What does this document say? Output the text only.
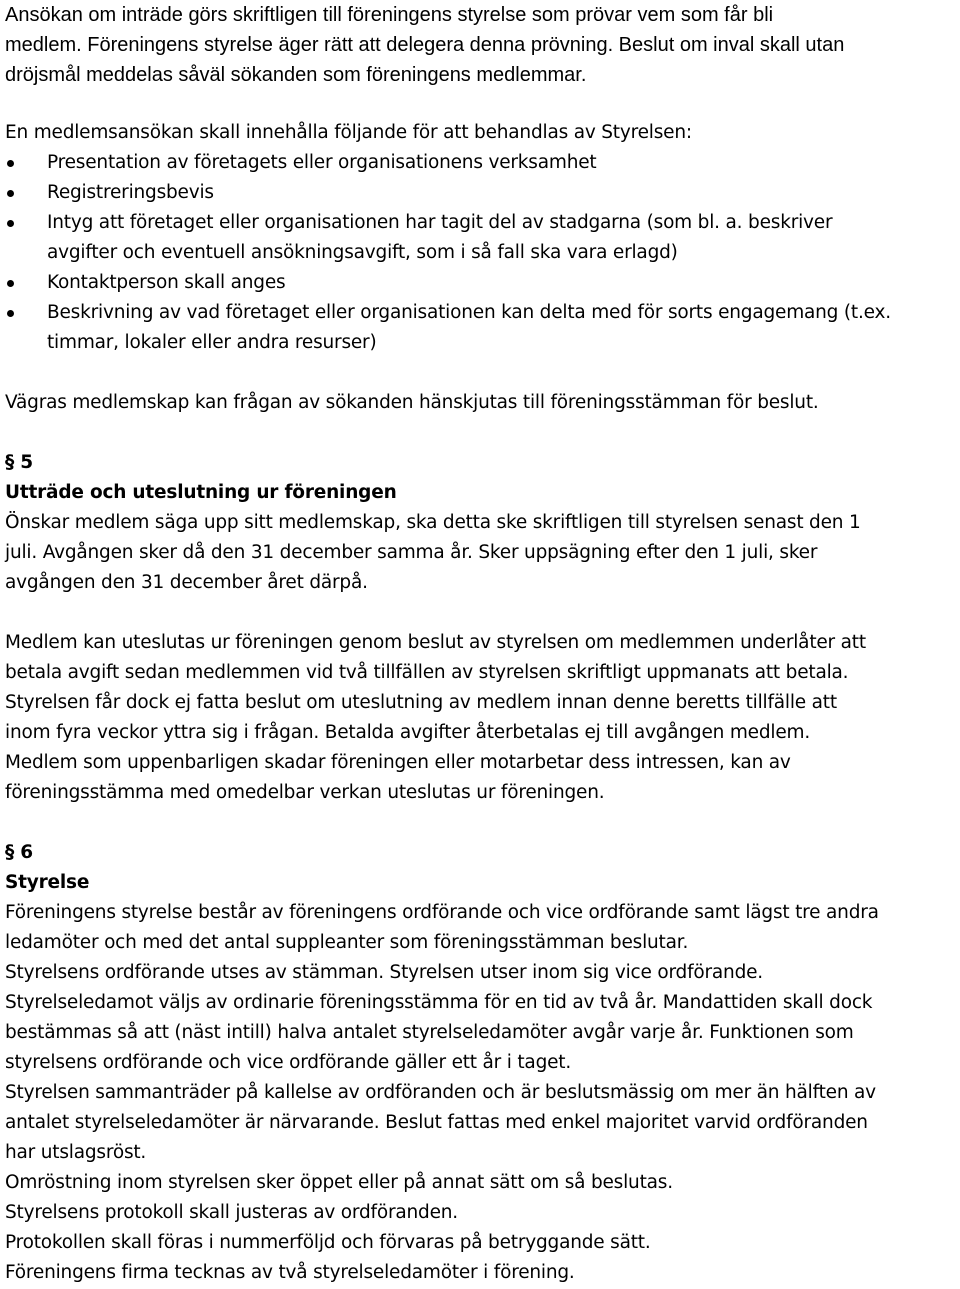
Ansökan om inträde görs skriftligen till föreningens styrelse som prövar vem som får bli
medlem. Föreningens styrelse äger rätt att delegera denna prövning. Beslut om inval skall utan
dröjsmål meddelas såväl sökanden som föreningens medlemmar.

En medlemsansökan skall innehålla följande för att behandlas av Styrelsen:

Presentation av företagets eller organisationens verksamhet
Registreringsbevis
Intyg att företaget eller organisationen har tagit del av stadgarna (som bl. a. beskriver
avgifter och eventuell ansökningsavgift, som i så fall ska vara erlagd)
Kontaktperson skall anges
Beskrivning av vad företaget eller organisationen kan delta med för sorts engagemang (t.ex.
timmar, lokaler eller andra resurser)

Vägras medlemskap kan frågan av sökanden hänskjutas till föreningsstämman för beslut.

§ 5
Utträde och uteslutning ur föreningen

Önskar medlem säga upp sitt medlemskap, ska detta ske skriftligen till styrelsen senast den 1
juli. Avgången sker då den 31 december samma år. Sker uppsägning efter den 1 juli, sker
avgången den 31 december året därpå.

Medlem kan uteslutas ur föreningen genom beslut av styrelsen om medlemmen underlåter att
betala avgift sedan medlemmen vid två tillfällen av styrelsen skriftligt uppmanats att betala.
Styrelsen får dock ej fatta beslut om uteslutning av medlem innan denne beretts tillfälle att
inom fyra veckor yttra sig i frågan. Betalda avgifter återbetalas ej till avgången medlem.
Medlem som uppenbarligen skadar föreningen eller motarbetar dess intressen, kan av
föreningsstämma med omedelbar verkan uteslutas ur föreningen.

§ 6
Styrelse

Föreningens styrelse består av föreningens ordförande och vice ordförande samt lägst tre andra
ledamöter och med det antal suppleanter som föreningsstämman beslutar.
Styrelsens ordförande utses av stämman. Styrelsen utser inom sig vice ordförande.
Styrelseledamot väljs av ordinarie föreningsstämma för en tid av två år. Mandattiden skall dock
bestämmas så att (näst intill) halva antalet styrelseledamöter avgår varje år. Funktionen som
styrelsens ordförande och vice ordförande gäller ett år i taget.
Styrelsen sammanträder på kallelse av ordföranden och är beslutsmässig om mer än hälften av
antalet styrelseledamöter är närvarande. Beslut fattas med enkel majoritet varvid ordföranden
har utslagsröst.
Omröstning inom styrelsen sker öppet eller på annat sätt om så beslutas.
Styrelsens protokoll skall justeras av ordföranden.
Protokollen skall föras i nummerföljd och förvaras på betryggande sätt.
Föreningens firma tecknas av två styrelseledamöter i förening.
